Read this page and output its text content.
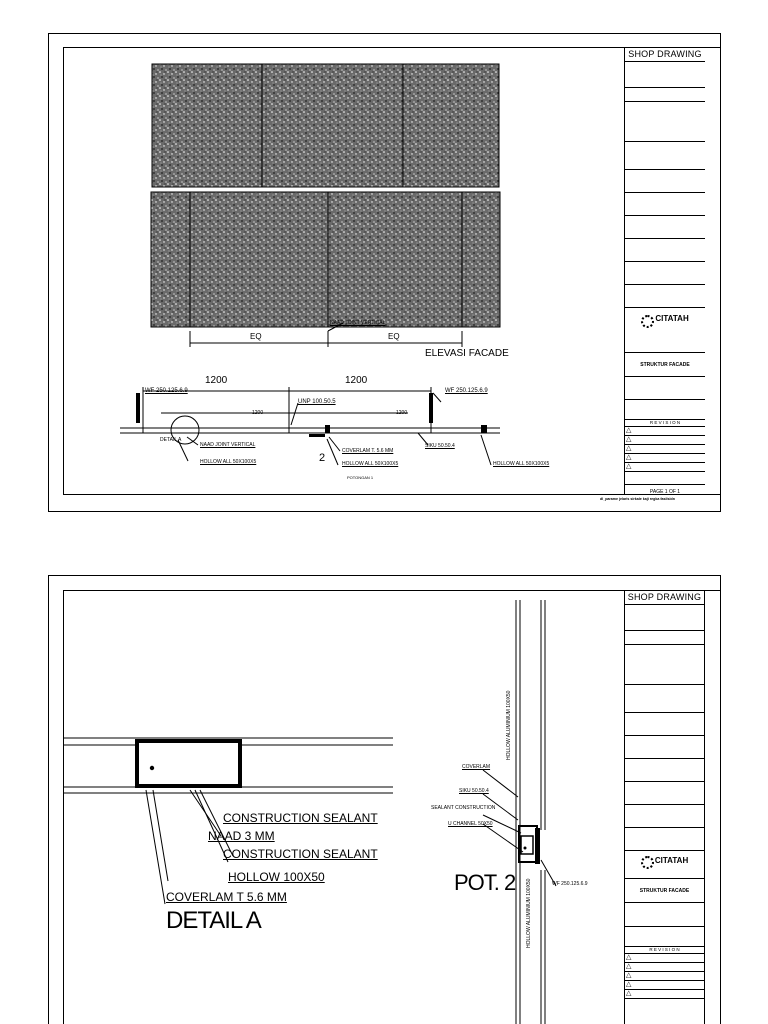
ELEVASI FACADE
EQ	EQ
NAAD JOINT VERTICAL
1200	1200
WF 250.125.6.9	WF 250.125.6.9
UNP 100.50.5
1200	1200
DETAIL A
NAAD JOINT VERTICAL
HOLLOW ALL 50X100X5
COVERLAM T. 5.6 MM
HOLLOW ALL 50X100X5
POTONGAN 1
SIKU 50.50.4
HOLLOW ALL 50X100X5
2
SHOP DRAWING
CITATAH
STRUKTUR FACADE
R E V I S I O N
△
△
△
△
△
PAGE 1 OF 1
dl_parame jelaris sirkale kaji regka fasilsidn
CONSTRUCTION SEALANT
NAAD 3 MM
CONSTRUCTION SEALANT
HOLLOW 100X50
COVERLAM T 5.6 MM
DETAIL A
COVERLAM
SIKU 50.50.4
SEALANT CONSTRUCTION
U CHANNEL 50X50
POT. 2	WF 250.125.6.9
HOLLOW ALUMINIUM 100X50
HOLLOW ALUMINIUM 100X50
SHOP DRAWING
CITATAH
STRUKTUR FACADE
R E V I S I O N
△
△
△
△
△
